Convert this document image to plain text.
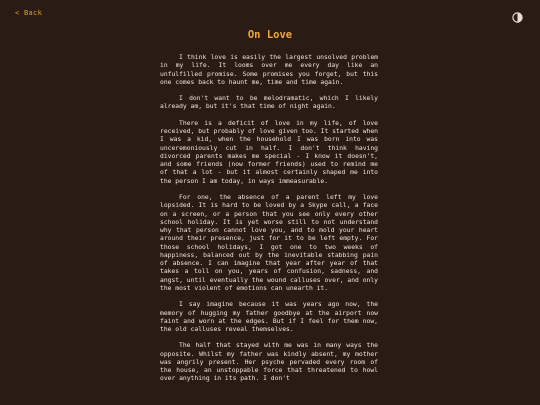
< Back
On Love

I think love is easily the largest unsolved problem in my life. It looms over me every day like an unfulfilled promise. Some promises you forget, but this one comes back to haunt me, time and time again.

I don't want to be melodramatic, which I likely already am, but it's that time of night again.

There is a deficit of love in my life, of love received, but probably of love given too. It started when I was a kid, when the household I was born into was unceremoniously cut in half. I don't think having divorced parents makes me special - I know it doesn't, and some friends (now former friends) used to remind me of that a lot - but it almost certainly shaped me into the person I am today, in ways immeasurable.

For one, the absence of a parent left my love lopsided. It is hard to be loved by a Skype call, a face on a screen, or a person that you see only every other school holiday. It is yet worse still to not understand why that person cannot love you, and to mold your heart around their presence, just for it to be left empty. For those school holidays, I got one to two weeks of happiness, balanced out by the inevitable stabbing pain of absence. I can imagine that year after year of that takes a toll on you, years of confusion, sadness, and angst, until eventually the wound calluses over, and only the most violent of emotions can unearth it.

I say imagine because it was years ago now, the memory of hugging my father goodbye at the airport now faint and worn at the edges. But if I feel for them now, the old calluses reveal themselves.

The half that stayed with me was in many ways the opposite. Whilst my father was kindly absent, my mother was angrily present. Her psyche pervaded every room of the house, an unstoppable force that threatened to howl over anything in its path. I don't
